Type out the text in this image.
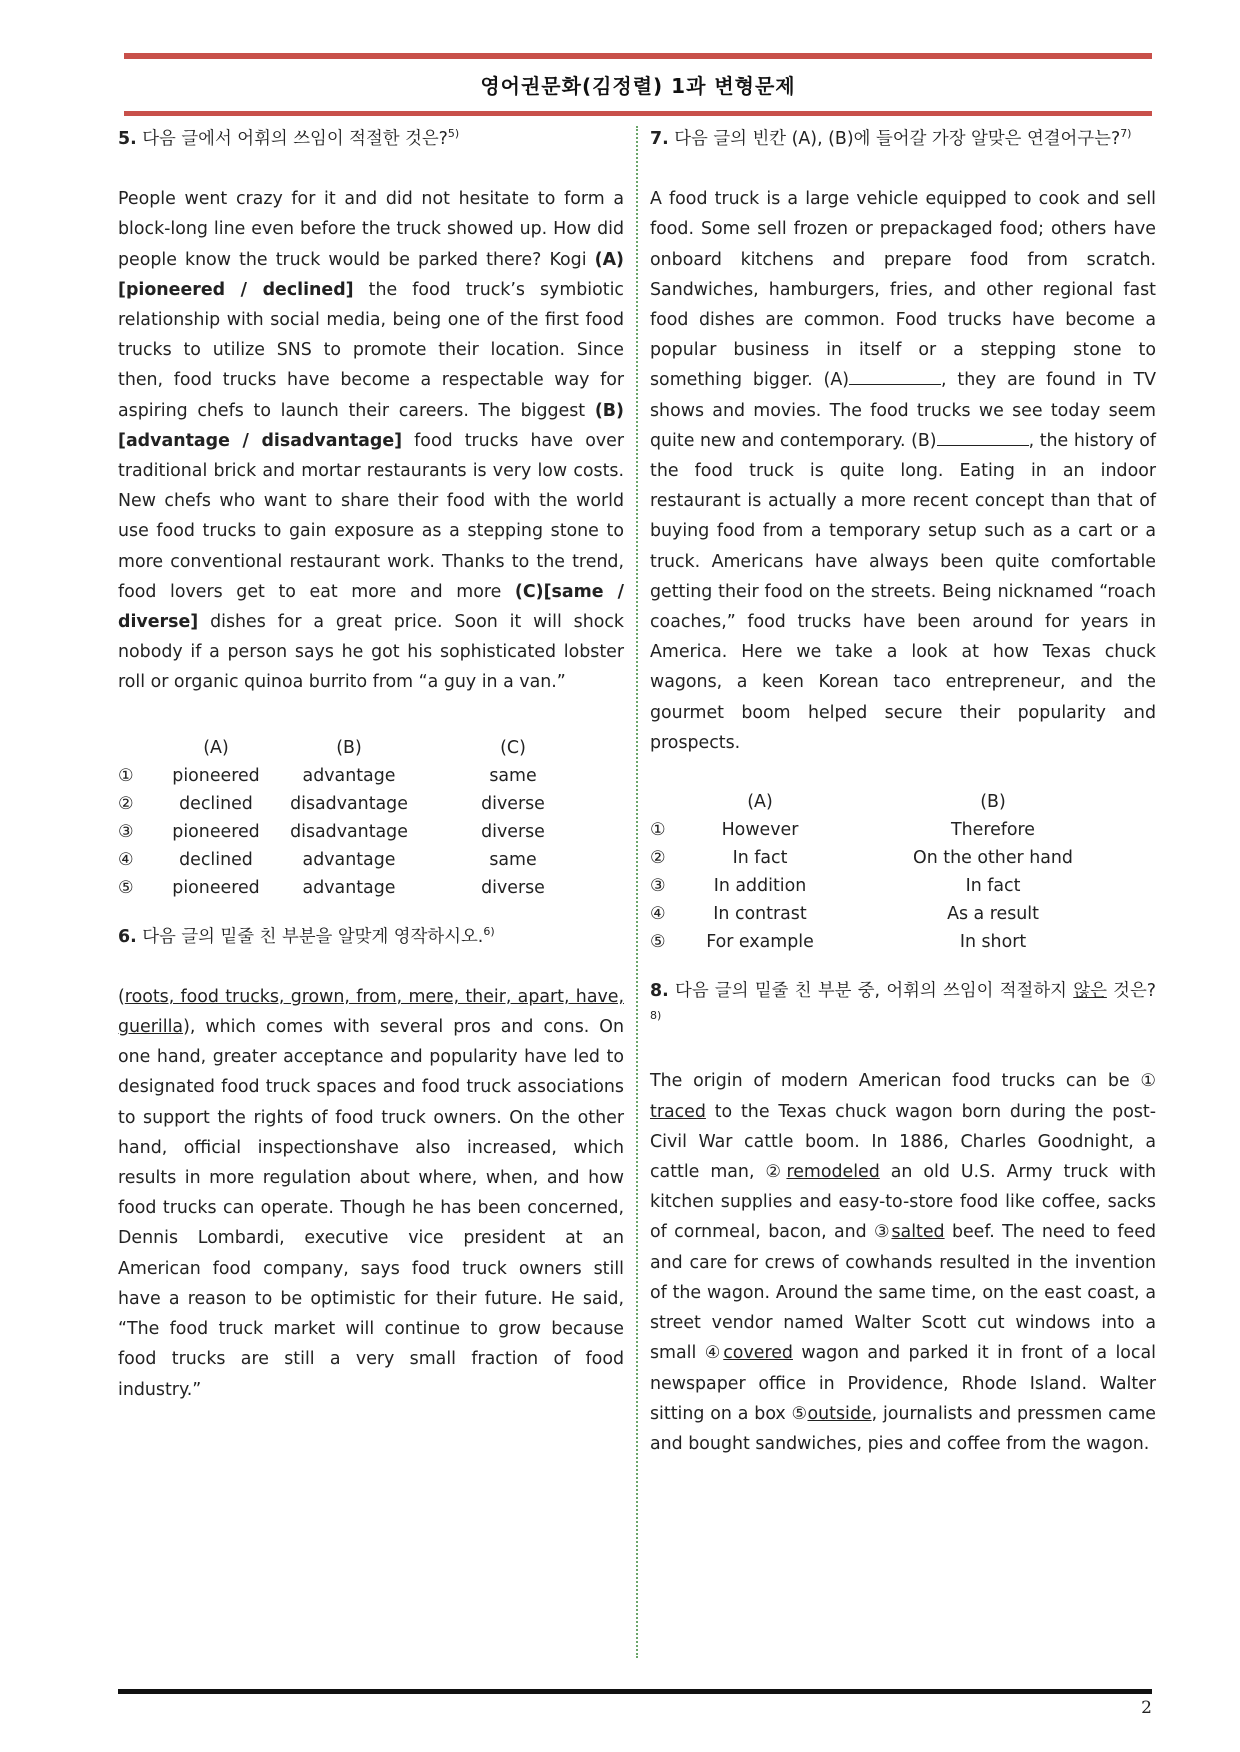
영어권문화(김정렬) 1과 변형문제
5. 다음 글에서 어휘의 쓰임이 적절한 것은?$^{5)}$
People went crazy for it and did not hesitate to form a block-long line even before the truck showed up. How did people know the truck would be parked there? Kogi (A)[pioneered / declined] the food truck’s symbiotic relationship with social media, being one of the first food trucks to utilize SNS to promote their location. Since then, food trucks have become a respectable way for aspiring chefs to launch their careers. The biggest (B)[advantage / disadvantage] food trucks have over traditional brick and mortar restaurants is very low costs. New chefs who want to share their food with the world use food trucks to gain exposure as a stepping stone to more conventional restaurant work. Thanks to the trend, food lovers get to eat more and more (C)[same / diverse] dishes for a great price. Soon it will shock nobody if a person says he got his sophisticated lobster roll or organic quinoa burrito from “a guy in a van.”
	(A)	(B)	(C)
①	pioneered	advantage	same
②	declined	disadvantage	diverse
③	pioneered	disadvantage	diverse
④	declined	advantage	same
⑤	pioneered	advantage	diverse
6. 다음 글의 밑줄 친 부분을 알맞게 영작하시오.$^{6)}$
(roots, food trucks, grown, from, mere, their, apart, have, guerilla), which comes with several pros and cons. On one hand, greater acceptance and popularity have led to designated food truck spaces and food truck associations to support the rights of food truck owners. On the other hand, official inspectionshave also increased, which results in more regulation about where, when, and how food trucks can operate. Though he has been concerned, Dennis Lombardi, executive vice president at an American food company, says food truck owners still have a reason to be optimistic for their future. He said, “The food truck market will continue to grow because food trucks are still a very small fraction of food industry.”
7. 다음 글의 빈칸 (A), (B)에 들어갈 가장 알맞은 연결어구는?$^{7)}$
A food truck is a large vehicle equipped to cook and sell food. Some sell frozen or prepackaged food; others have onboard kitchens and prepare food from scratch. Sandwiches, hamburgers, fries, and other regional fast food dishes are common. Food trucks have become a popular business in itself or a stepping stone to something bigger. (A)	, they are found in TV shows and movies. The food trucks we see today seem quite new and contemporary. (B)	, the history of the food truck is quite long. Eating in an indoor restaurant is actually a more recent concept than that of buying food from a temporary setup such as a cart or a truck. Americans have always been quite comfortable getting their food on the streets. Being nicknamed “roach coaches,” food trucks have been around for years in America. Here we take a look at how Texas chuck wagons, a keen Korean taco entrepreneur, and the gourmet boom helped secure their popularity and prospects.
	(A)	(B)
①	However	Therefore
②	In fact	On the other hand
③	In addition	In fact
④	In contrast	As a result
⑤	For example	In short
8. 다음 글의 밑줄 친 부분 중, 어휘의 쓰임이 적절하지 않은 것은?$^{8)}$
The origin of modern American food trucks can be ① traced to the Texas chuck wagon born during the post-Civil War cattle boom. In 1886, Charles Goodnight, a cattle man, ②remodeled an old U.S. Army truck with kitchen supplies and easy-to-store food like coffee, sacks of cornmeal, bacon, and ③salted beef. The need to feed and care for crews of cowhands resulted in the invention of the wagon. Around the same time, on the east coast, a street vendor named Walter Scott cut windows into a small ④covered wagon and parked it in front of a local newspaper office in Providence, Rhode Island. Walter sitting on a box ⑤outside, journalists and pressmen came and bought sandwiches, pies and coffee from the wagon.
2
